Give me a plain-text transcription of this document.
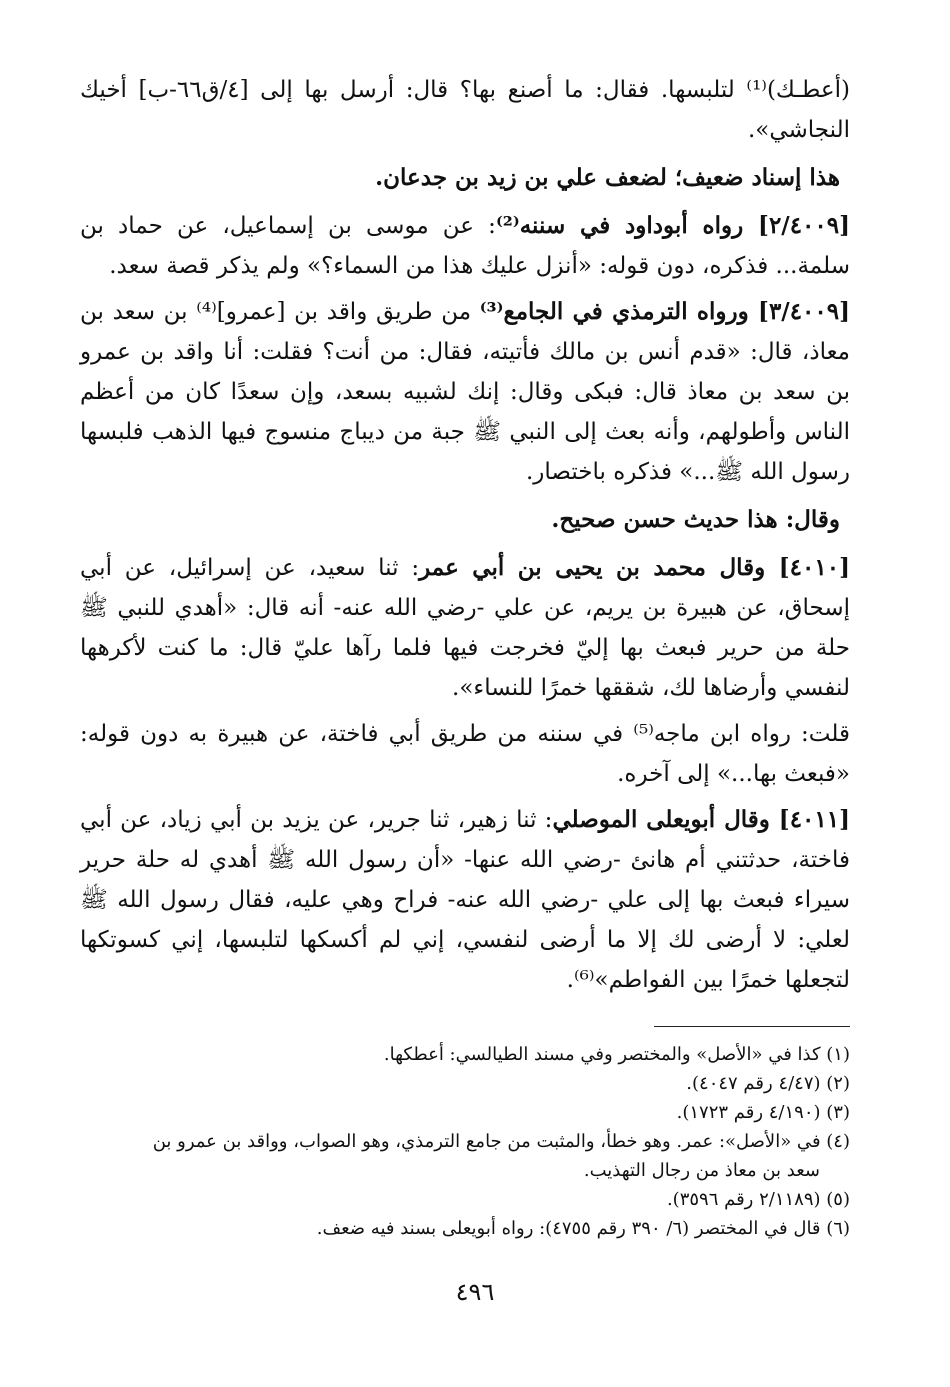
(أعطـك)⁽¹⁾ لتلبسها. فقال: ما أصنع بها؟ قال: أرسل بها إلى [٤/ق٦٦-ب] أخيك النجاشي».

هذا إسناد ضعيف؛ لضعف علي بن زيد بن جدعان.

[٢/٤٠٠٩] رواه أبوداود في سننه⁽²⁾: عن موسى بن إسماعيل، عن حماد بن سلمة... فذكره، دون قوله: «أنزل عليك هذا من السماء؟» ولم يذكر قصة سعد.

[٣/٤٠٠٩] ورواه الترمذي في الجامع⁽³⁾ من طريق واقد بن [عمرو]⁽⁴⁾ بن سعد بن معاذ، قال: «قدم أنس بن مالك فأتيته، فقال: من أنت؟ فقلت: أنا واقد بن عمرو بن سعد بن معاذ قال: فبكى وقال: إنك لشبيه بسعد، وإن سعدًا كان من أعظم الناس وأطولهم، وأنه بعث إلى النبي ﷺ جبة من ديباج منسوج فيها الذهب فلبسها رسول الله ﷺ...» فذكره باختصار.

وقال: هذا حديث حسن صحيح.

[٤٠١٠] وقال محمد بن يحيى بن أبي عمر: ثنا سعيد، عن إسرائيل، عن أبي إسحاق، عن هبيرة بن يريم، عن علي -رضي الله عنه- أنه قال: «أهدي للنبي ﷺ حلة من حرير فبعث بها إليّ فخرجت فيها فلما رآها عليّ قال: ما كنت لأكرهها لنفسي وأرضاها لك، شققها خمرًا للنساء».

قلت: رواه ابن ماجه⁽⁵⁾ في سننه من طريق أبي فاختة، عن هبيرة به دون قوله: «فبعث بها...» إلى آخره.

[٤٠١١] وقال أبويعلى الموصلي: ثنا زهير، ثنا جرير، عن يزيد بن أبي زياد، عن أبي فاختة، حدثتني أم هانئ -رضي الله عنها- «أن رسول الله ﷺ أهدي له حلة حرير سيراء فبعث بها إلى علي -رضي الله عنه- فراح وهي عليه، فقال رسول الله ﷺ لعلي: لا أرضى لك إلا ما أرضى لنفسي، إني لم أكسكها لتلبسها، إني كسوتكها لتجعلها خمرًا بين الفواطم»⁽⁶⁾.

(١) كذا في «الأصل» والمختصر وفي مسند الطيالسي: أعطكها.

(٢) (٤/٤٧ رقم ٤٠٤٧).

(٣) (٤/١٩٠ رقم ١٧٢٣).

(٤) في «الأصل»: عمر. وهو خطأ، والمثبت من جامع الترمذي، وهو الصواب، وواقد بن عمرو بن

سعد بن معاذ من رجال التهذيب.

(٥) (٢/١١٨٩ رقم ٣٥٩٦).

(٦) قال في المختصر (٦/ ٣٩٠ رقم ٤٧٥٥): رواه أبويعلى بسند فيه ضعف.

٤٩٦
